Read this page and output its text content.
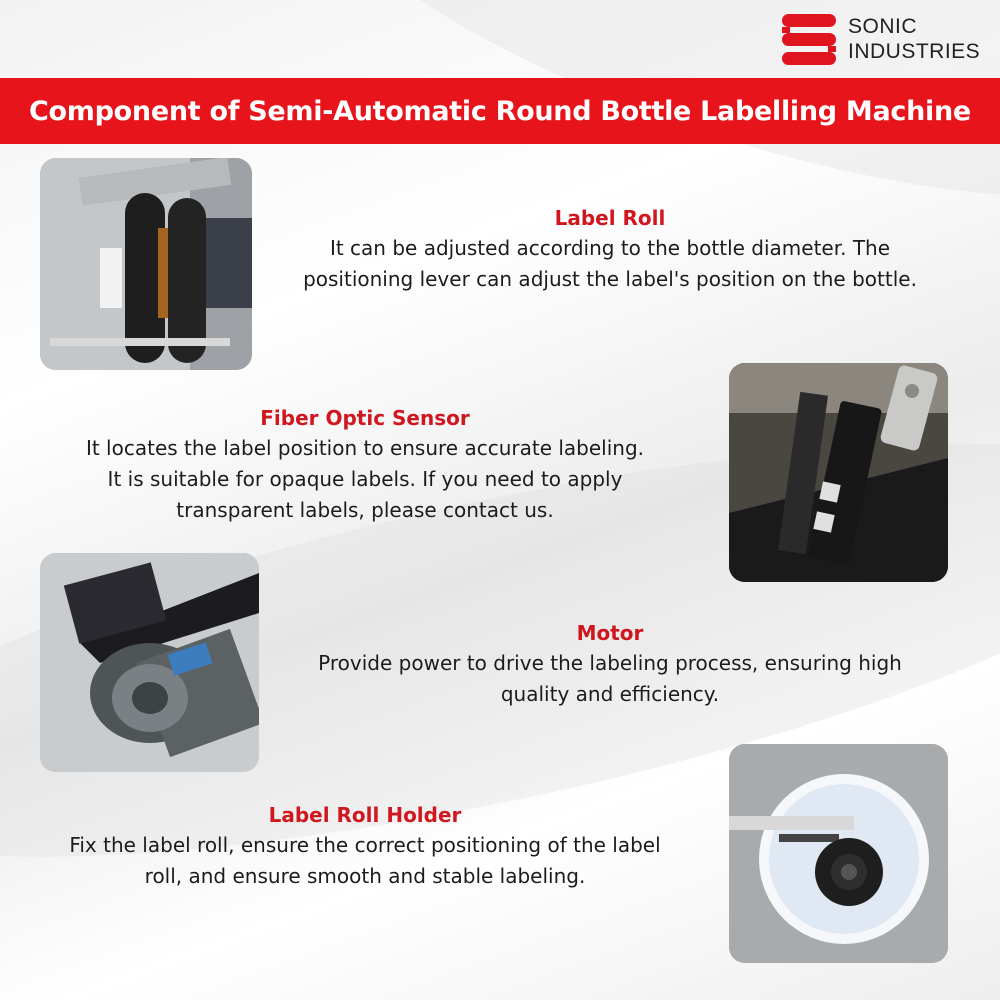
SONIC
INDUSTRIES
Component of Semi-Automatic Round Bottle Labelling Machine
Label Roll

It can be adjusted according to the bottle diameter. The

positioning lever can adjust the label's position on the bottle.

Fiber Optic Sensor

It locates the label position to ensure accurate labeling.

It is suitable for opaque labels. If you need to apply

transparent labels, please contact us.

Motor

Provide power to drive the labeling process, ensuring high

quality and efficiency.

Label Roll Holder

Fix the label roll, ensure the correct positioning of the label

roll, and ensure smooth and stable labeling.
